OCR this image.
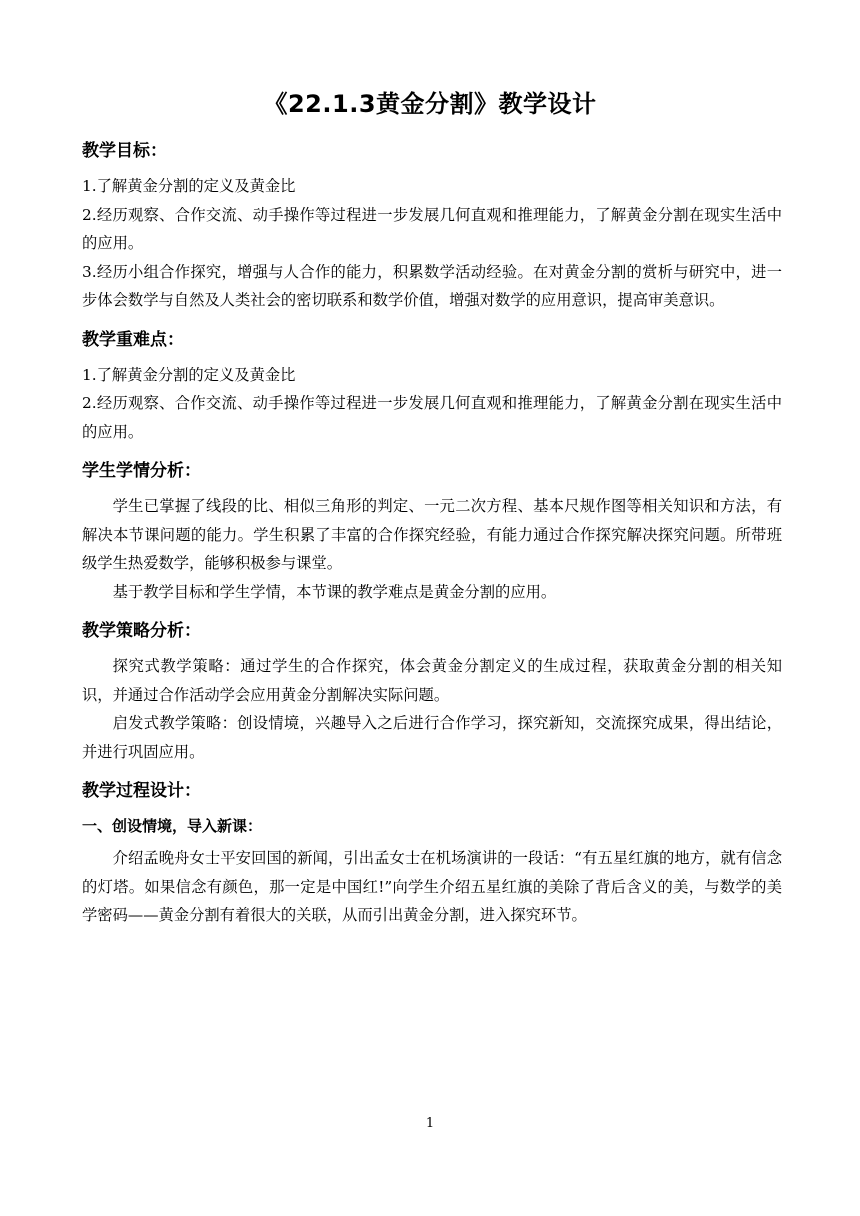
《22.1.3黄金分割》教学设计
教学目标：

1.了解黄金分割的定义及黄金比

2.经历观察、合作交流、动手操作等过程进一步发展几何直观和推理能力，了解黄金分割在现实生活中的应用。

3.经历小组合作探究，增强与人合作的能力，积累数学活动经验。在对黄金分割的赏析与研究中，进一步体会数学与自然及人类社会的密切联系和数学价值，增强对数学的应用意识，提高审美意识。

教学重难点：

1.了解黄金分割的定义及黄金比

2.经历观察、合作交流、动手操作等过程进一步发展几何直观和推理能力，了解黄金分割在现实生活中的应用。

学生学情分析：

学生已掌握了线段的比、相似三角形的判定、一元二次方程、基本尺规作图等相关知识和方法，有解决本节课问题的能力。学生积累了丰富的合作探究经验，有能力通过合作探究解决探究问题。所带班级学生热爱数学，能够积极参与课堂。

基于教学目标和学生学情，本节课的教学难点是黄金分割的应用。

教学策略分析：

探究式教学策略：通过学生的合作探究，体会黄金分割定义的生成过程，获取黄金分割的相关知识，并通过合作活动学会应用黄金分割解决实际问题。

启发式教学策略：创设情境，兴趣导入之后进行合作学习，探究新知，交流探究成果，得出结论，并进行巩固应用。

教学过程设计：
一、创设情境，导入新课：

介绍孟晚舟女士平安回国的新闻，引出孟女士在机场演讲的一段话：“有五星红旗的地方，就有信念的灯塔。如果信念有颜色，那一定是中国红!”向学生介绍五星红旗的美除了背后含义的美，与数学的美学密码——黄金分割有着很大的关联，从而引出黄金分割，进入探究环节。

1
